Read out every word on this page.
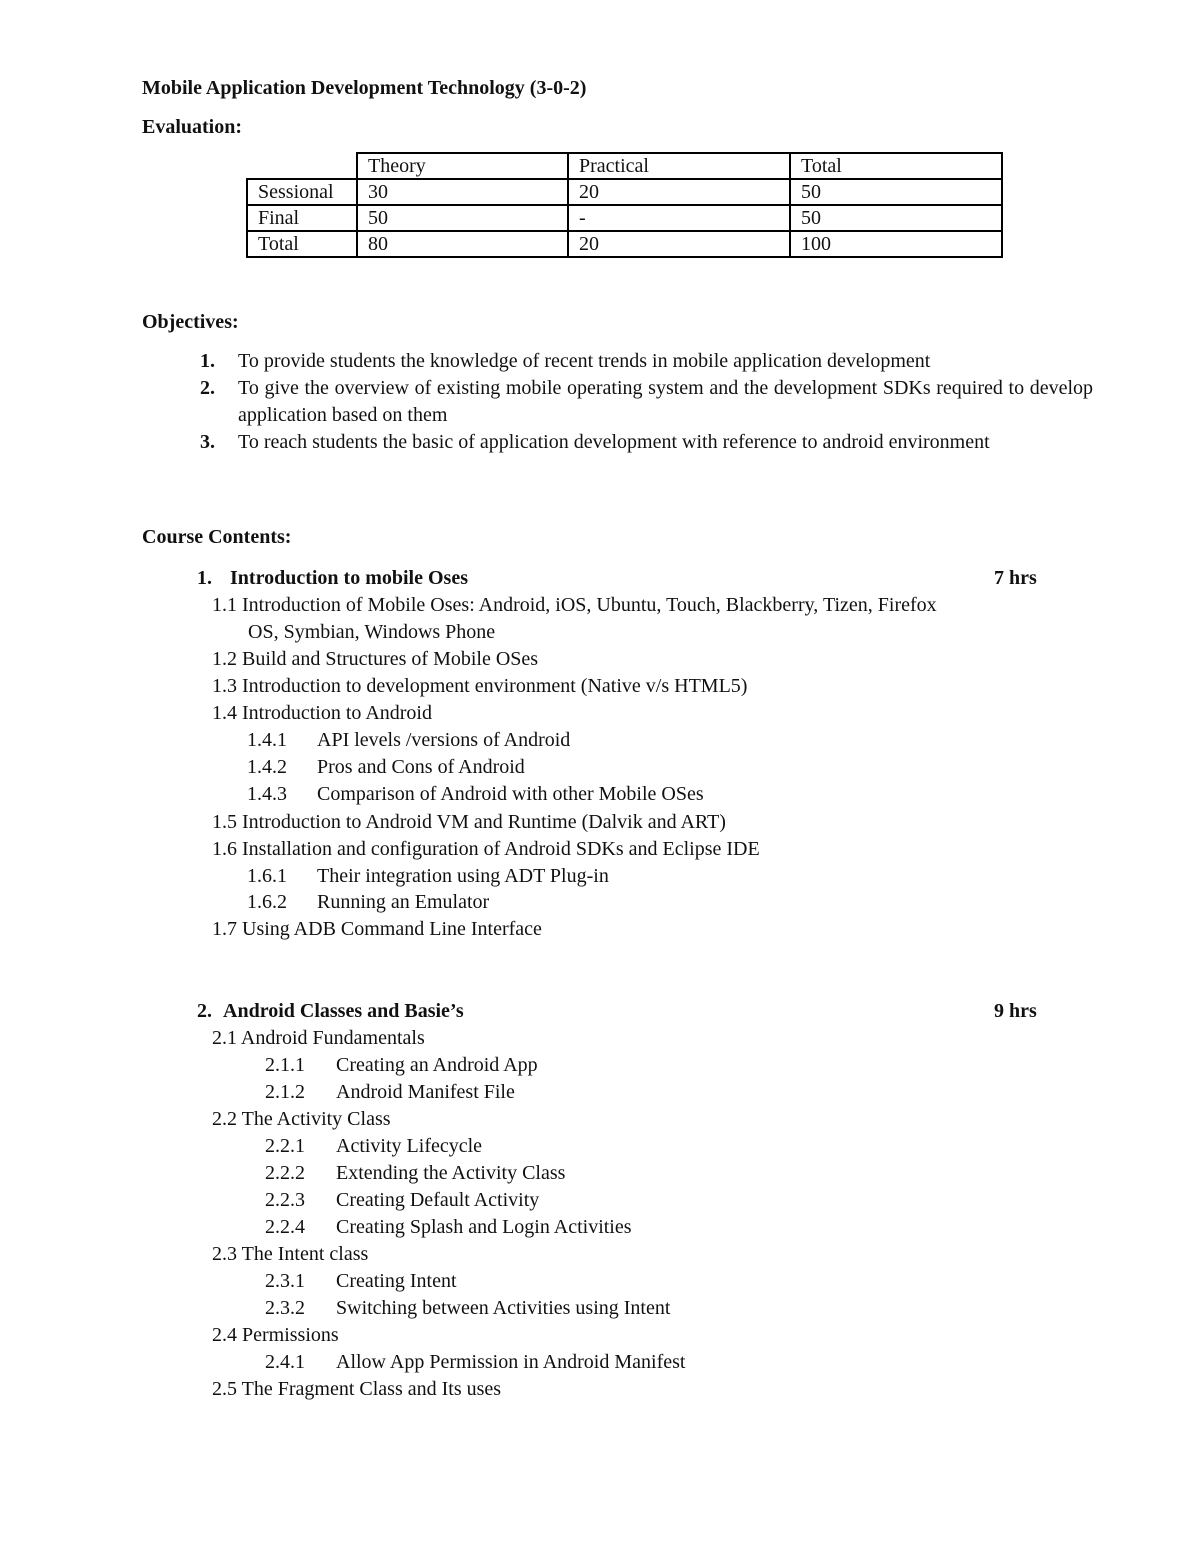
Mobile Application Development Technology (3-0-2)
Evaluation:
	Theory	Practical	Total
Sessional	30	20	50
Final	50	-	50
Total	80	20	100
Objectives:
1. To provide students the knowledge of recent trends in mobile application development
2. To give the overview of existing mobile operating system and the development SDKs required to develop application based on them
3. To reach students the basic of application development with reference to android environment
Course Contents:
1. Introduction to mobile Oses	7 hrs
1.1 Introduction of Mobile Oses: Android, iOS, Ubuntu, Touch, Blackberry, Tizen, Firefox
OS, Symbian, Windows Phone
1.2 Build and Structures of Mobile OSes
1.3 Introduction to development environment (Native v/s HTML5)
1.4 Introduction to Android
1.4.1 API levels /versions of Android
1.4.2 Pros and Cons of Android
1.4.3 Comparison of Android with other Mobile OSes
1.5 Introduction to Android VM and Runtime (Dalvik and ART)
1.6 Installation and configuration of Android SDKs and Eclipse IDE
1.6.1 Their integration using ADT Plug-in
1.6.2 Running an Emulator
1.7 Using ADB Command Line Interface
2. Android Classes and Basie’s	9 hrs
2.1 Android Fundamentals
2.1.1 Creating an Android App
2.1.2 Android Manifest File
2.2 The Activity Class
2.2.1 Activity Lifecycle
2.2.2 Extending the Activity Class
2.2.3 Creating Default Activity
2.2.4 Creating Splash and Login Activities
2.3 The Intent class
2.3.1 Creating Intent
2.3.2 Switching between Activities using Intent
2.4 Permissions
2.4.1 Allow App Permission in Android Manifest
2.5 The Fragment Class and Its uses
